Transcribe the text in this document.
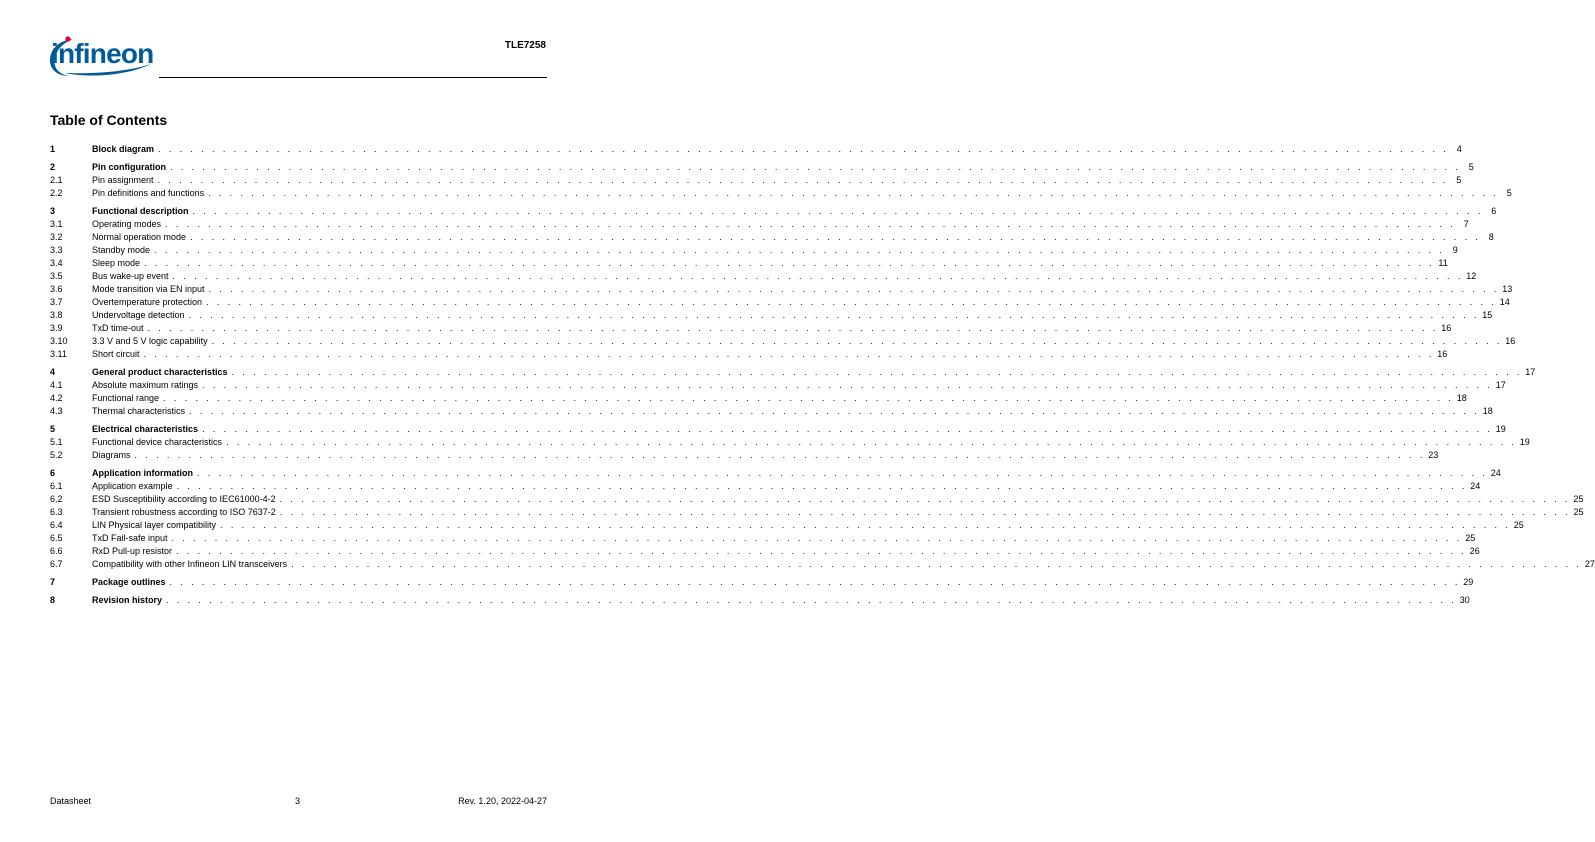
infineon	TLE7258
Table of Contents
1	Block diagram . . . . . . . . . . . . . . . . . . . . . . . . . . . . . . . . . . . . . . . . . . . . . . . . . . . . . . . . . . . . . . . . . . . . . . . . . . . . . . . . . . . . . . . . . . . . . . . . . . . . . . . . . . . . . . . . . . . . . . . . 4
2	Pin configuration . . . . . . . . . . . . . . . . . . . . . . . . . . . . . . . . . . . . . . . . . . . . . . . . . . . . . . . . . . . . . . . . . . . . . . . . . . . . . . . . . . . . . . . . . . . . . . . . . . . . . . . . . . . . . . . . . . . . . . . . 5
2.1	Pin assignment . . . . . . . . . . . . . . . . . . . . . . . . . . . . . . . . . . . . . . . . . . . . . . . . . . . . . . . . . . . . . . . . . . . . . . . . . . . . . . . . . . . . . . . . . . . . . . . . . . . . . . . . . . . . . . . . . . . . . . . . 5
2.2	Pin definitions and functions . . . . . . . . . . . . . . . . . . . . . . . . . . . . . . . . . . . . . . . . . . . . . . . . . . . . . . . . . . . . . . . . . . . . . . . . . . . . . . . . . . . . . . . . . . . . . . . . . . . . . . . . . . . . . . . . . . . . . . . . 5
3	Functional description . . . . . . . . . . . . . . . . . . . . . . . . . . . . . . . . . . . . . . . . . . . . . . . . . . . . . . . . . . . . . . . . . . . . . . . . . . . . . . . . . . . . . . . . . . . . . . . . . . . . . . . . . . . . . . . . . . . . . . . . 6
3.1	Operating modes . . . . . . . . . . . . . . . . . . . . . . . . . . . . . . . . . . . . . . . . . . . . . . . . . . . . . . . . . . . . . . . . . . . . . . . . . . . . . . . . . . . . . . . . . . . . . . . . . . . . . . . . . . . . . . . . . . . . . . . . 7
3.2	Normal operation mode . . . . . . . . . . . . . . . . . . . . . . . . . . . . . . . . . . . . . . . . . . . . . . . . . . . . . . . . . . . . . . . . . . . . . . . . . . . . . . . . . . . . . . . . . . . . . . . . . . . . . . . . . . . . . . . . . . . . . . . . 8
3.3	Standby mode . . . . . . . . . . . . . . . . . . . . . . . . . . . . . . . . . . . . . . . . . . . . . . . . . . . . . . . . . . . . . . . . . . . . . . . . . . . . . . . . . . . . . . . . . . . . . . . . . . . . . . . . . . . . . . . . . . . . . . . . 9
3.4	Sleep mode . . . . . . . . . . . . . . . . . . . . . . . . . . . . . . . . . . . . . . . . . . . . . . . . . . . . . . . . . . . . . . . . . . . . . . . . . . . . . . . . . . . . . . . . . . . . . . . . . . . . . . . . . . . . . . . . . . . . . . . . 11
3.5	Bus wake-up event . . . . . . . . . . . . . . . . . . . . . . . . . . . . . . . . . . . . . . . . . . . . . . . . . . . . . . . . . . . . . . . . . . . . . . . . . . . . . . . . . . . . . . . . . . . . . . . . . . . . . . . . . . . . . . . . . . . . . . . . 12
3.6	Mode transition via EN input . . . . . . . . . . . . . . . . . . . . . . . . . . . . . . . . . . . . . . . . . . . . . . . . . . . . . . . . . . . . . . . . . . . . . . . . . . . . . . . . . . . . . . . . . . . . . . . . . . . . . . . . . . . . . . . . . . . . . . . . 13
3.7	Overtemperature protection . . . . . . . . . . . . . . . . . . . . . . . . . . . . . . . . . . . . . . . . . . . . . . . . . . . . . . . . . . . . . . . . . . . . . . . . . . . . . . . . . . . . . . . . . . . . . . . . . . . . . . . . . . . . . . . . . . . . . . . . 14
3.8	Undervoltage detection . . . . . . . . . . . . . . . . . . . . . . . . . . . . . . . . . . . . . . . . . . . . . . . . . . . . . . . . . . . . . . . . . . . . . . . . . . . . . . . . . . . . . . . . . . . . . . . . . . . . . . . . . . . . . . . . . . . . . . . . 15
3.9	TxD time-out . . . . . . . . . . . . . . . . . . . . . . . . . . . . . . . . . . . . . . . . . . . . . . . . . . . . . . . . . . . . . . . . . . . . . . . . . . . . . . . . . . . . . . . . . . . . . . . . . . . . . . . . . . . . . . . . . . . . . . . . 16
3.10	3.3 V and 5 V logic capability . . . . . . . . . . . . . . . . . . . . . . . . . . . . . . . . . . . . . . . . . . . . . . . . . . . . . . . . . . . . . . . . . . . . . . . . . . . . . . . . . . . . . . . . . . . . . . . . . . . . . . . . . . . . . . . . . . . . . . . . 16
3.11	Short circuit . . . . . . . . . . . . . . . . . . . . . . . . . . . . . . . . . . . . . . . . . . . . . . . . . . . . . . . . . . . . . . . . . . . . . . . . . . . . . . . . . . . . . . . . . . . . . . . . . . . . . . . . . . . . . . . . . . . . . . . . 16
4	General product characteristics . . . . . . . . . . . . . . . . . . . . . . . . . . . . . . . . . . . . . . . . . . . . . . . . . . . . . . . . . . . . . . . . . . . . . . . . . . . . . . . . . . . . . . . . . . . . . . . . . . . . . . . . . . . . . . . . . . . . . . . . 17
4.1	Absolute maximum ratings . . . . . . . . . . . . . . . . . . . . . . . . . . . . . . . . . . . . . . . . . . . . . . . . . . . . . . . . . . . . . . . . . . . . . . . . . . . . . . . . . . . . . . . . . . . . . . . . . . . . . . . . . . . . . . . . . . . . . . . . 17
4.2	Functional range . . . . . . . . . . . . . . . . . . . . . . . . . . . . . . . . . . . . . . . . . . . . . . . . . . . . . . . . . . . . . . . . . . . . . . . . . . . . . . . . . . . . . . . . . . . . . . . . . . . . . . . . . . . . . . . . . . . . . . . . 18
4.3	Thermal characteristics . . . . . . . . . . . . . . . . . . . . . . . . . . . . . . . . . . . . . . . . . . . . . . . . . . . . . . . . . . . . . . . . . . . . . . . . . . . . . . . . . . . . . . . . . . . . . . . . . . . . . . . . . . . . . . . . . . . . . . . . 18
5	Electrical characteristics . . . . . . . . . . . . . . . . . . . . . . . . . . . . . . . . . . . . . . . . . . . . . . . . . . . . . . . . . . . . . . . . . . . . . . . . . . . . . . . . . . . . . . . . . . . . . . . . . . . . . . . . . . . . . . . . . . . . . . . . 19
5.1	Functional device characteristics . . . . . . . . . . . . . . . . . . . . . . . . . . . . . . . . . . . . . . . . . . . . . . . . . . . . . . . . . . . . . . . . . . . . . . . . . . . . . . . . . . . . . . . . . . . . . . . . . . . . . . . . . . . . . . . . . . . . . . . . 19
5.2	Diagrams . . . . . . . . . . . . . . . . . . . . . . . . . . . . . . . . . . . . . . . . . . . . . . . . . . . . . . . . . . . . . . . . . . . . . . . . . . . . . . . . . . . . . . . . . . . . . . . . . . . . . . . . . . . . . . . . . . . . . . . . 23
6	Application information . . . . . . . . . . . . . . . . . . . . . . . . . . . . . . . . . . . . . . . . . . . . . . . . . . . . . . . . . . . . . . . . . . . . . . . . . . . . . . . . . . . . . . . . . . . . . . . . . . . . . . . . . . . . . . . . . . . . . . . . 24
6.1	Application example . . . . . . . . . . . . . . . . . . . . . . . . . . . . . . . . . . . . . . . . . . . . . . . . . . . . . . . . . . . . . . . . . . . . . . . . . . . . . . . . . . . . . . . . . . . . . . . . . . . . . . . . . . . . . . . . . . . . . . . . 24
6.2	ESD Susceptibility according to IEC61000-4-2 . . . . . . . . . . . . . . . . . . . . . . . . . . . . . . . . . . . . . . . . . . . . . . . . . . . . . . . . . . . . . . . . . . . . . . . . . . . . . . . . . . . . . . . . . . . . . . . . . . . . . . . . . . . . . . . . . . . . . . . . 25
6.3	Transient robustness according to ISO 7637-2 . . . . . . . . . . . . . . . . . . . . . . . . . . . . . . . . . . . . . . . . . . . . . . . . . . . . . . . . . . . . . . . . . . . . . . . . . . . . . . . . . . . . . . . . . . . . . . . . . . . . . . . . . . . . . . . . . . . . . . . . 25
6.4	LIN Physical layer compatibility . . . . . . . . . . . . . . . . . . . . . . . . . . . . . . . . . . . . . . . . . . . . . . . . . . . . . . . . . . . . . . . . . . . . . . . . . . . . . . . . . . . . . . . . . . . . . . . . . . . . . . . . . . . . . . . . . . . . . . . . 25
6.5	TxD Fail-safe input . . . . . . . . . . . . . . . . . . . . . . . . . . . . . . . . . . . . . . . . . . . . . . . . . . . . . . . . . . . . . . . . . . . . . . . . . . . . . . . . . . . . . . . . . . . . . . . . . . . . . . . . . . . . . . . . . . . . . . . . 25
6.6	RxD Pull-up resistor . . . . . . . . . . . . . . . . . . . . . . . . . . . . . . . . . . . . . . . . . . . . . . . . . . . . . . . . . . . . . . . . . . . . . . . . . . . . . . . . . . . . . . . . . . . . . . . . . . . . . . . . . . . . . . . . . . . . . . . . 26
6.7	Compatibility with other Infineon LIN transceivers . . . . . . . . . . . . . . . . . . . . . . . . . . . . . . . . . . . . . . . . . . . . . . . . . . . . . . . . . . . . . . . . . . . . . . . . . . . . . . . . . . . . . . . . . . . . . . . . . . . . . . . . . . . . . . . . . . . . . . . . 27
7	Package outlines . . . . . . . . . . . . . . . . . . . . . . . . . . . . . . . . . . . . . . . . . . . . . . . . . . . . . . . . . . . . . . . . . . . . . . . . . . . . . . . . . . . . . . . . . . . . . . . . . . . . . . . . . . . . . . . . . . . . . . . . 29
8	Revision history . . . . . . . . . . . . . . . . . . . . . . . . . . . . . . . . . . . . . . . . . . . . . . . . . . . . . . . . . . . . . . . . . . . . . . . . . . . . . . . . . . . . . . . . . . . . . . . . . . . . . . . . . . . . . . . . . . . . . . . . 30
Datasheet	3	Rev. 1.20, 2022-04-27
